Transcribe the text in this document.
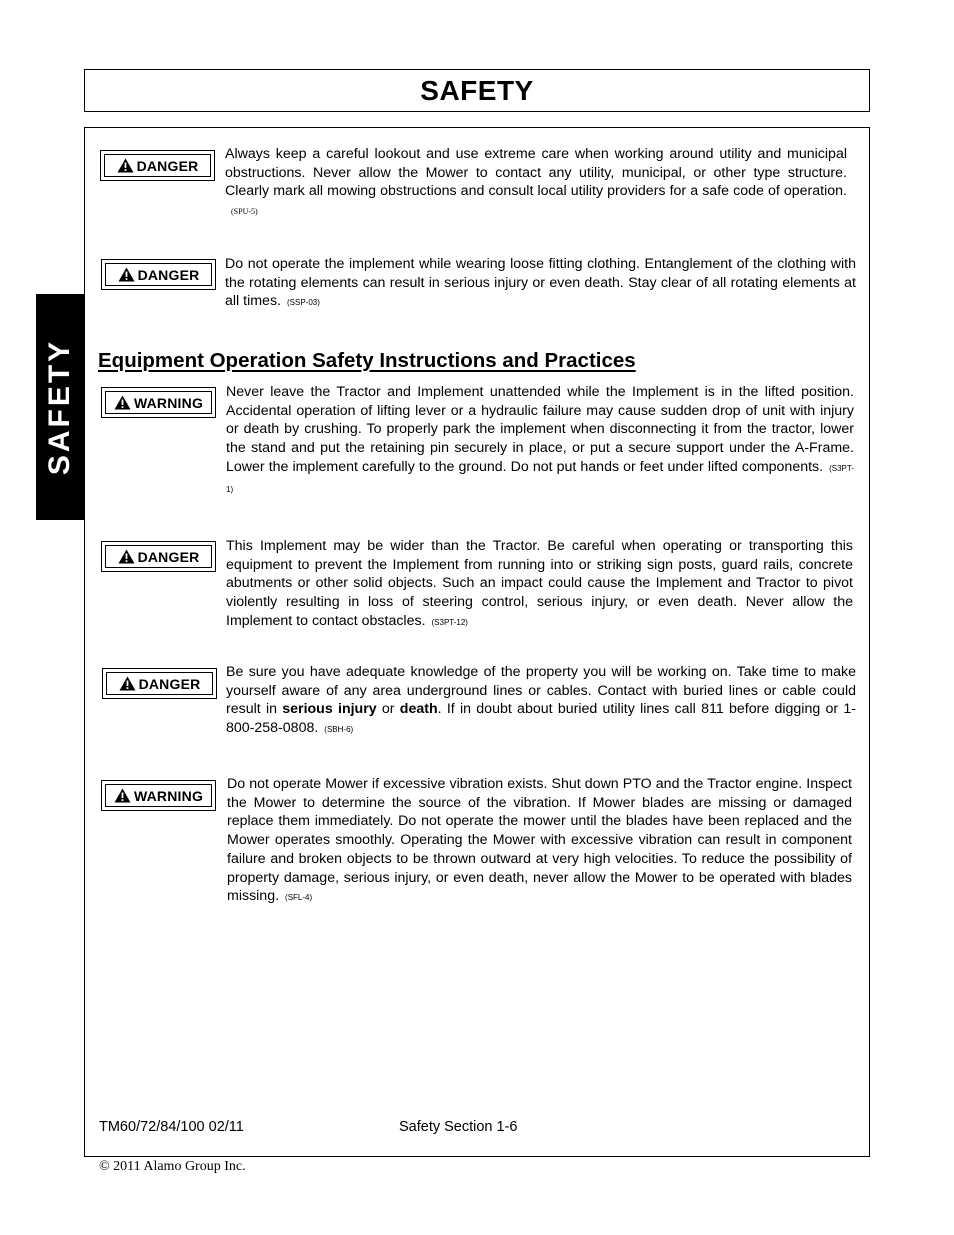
SAFETY
SAFETY Equipment Operation Safety Instructions and Practices
DANGER

Always keep a careful lookout and use extreme care when working around utility and municipal obstructions. Never allow the Mower to contact any utility, municipal, or other type structure. Clearly mark all mowing obstructions and consult local utility providers for a safe code of operation.(SPU-5)

DANGER

Do not operate the implement while wearing loose fitting clothing. Entanglement of the clothing with the rotating elements can result in serious injury or even death. Stay clear of all rotating elements at all times. (SSP-03)

WARNING

Never leave the Tractor and Implement unattended while the Implement is in the lifted position. Accidental operation of lifting lever or a hydraulic failure may cause sudden drop of unit with injury or death by crushing. To properly park the implement when disconnecting it from the tractor, lower the stand and put the retaining pin securely in place, or put a secure support under the A-Frame. Lower the implement carefully to the ground. Do not put hands or feet under lifted components. (S3PT-1)

DANGER

This Implement may be wider than the Tractor. Be careful when operating or transporting this equipment to prevent the Implement from running into or striking sign posts, guard rails, concrete abutments or other solid objects. Such an impact could cause the Implement and Tractor to pivot violently resulting in loss of steering control, serious injury, or even death. Never allow the Implement to contact obstacles. (S3PT-12)

DANGER

Be sure you have adequate knowledge of the property you will be working on. Take time to make yourself aware of any area underground lines or cables. Contact with buried lines or cable could result in serious injury or death. If in doubt about buried utility lines call 811 before digging or 1-800-258-0808. (SBH-6)

WARNING

Do not operate Mower if excessive vibration exists. Shut down PTO and the Tractor engine. Inspect the Mower to determine the source of the vibration. If Mower blades are missing or damaged replace them immediately. Do not operate the mower until the blades have been replaced and the Mower operates smoothly. Operating the Mower with excessive vibration can result in component failure and broken objects to be thrown outward at very high velocities. To reduce the possibility of property damage, serious injury, or even death, never allow the Mower to be operated with blades missing. (SFL-4)

TM60/72/84/100 02/11	Safety Section 1-6
© 2011 Alamo Group Inc.
